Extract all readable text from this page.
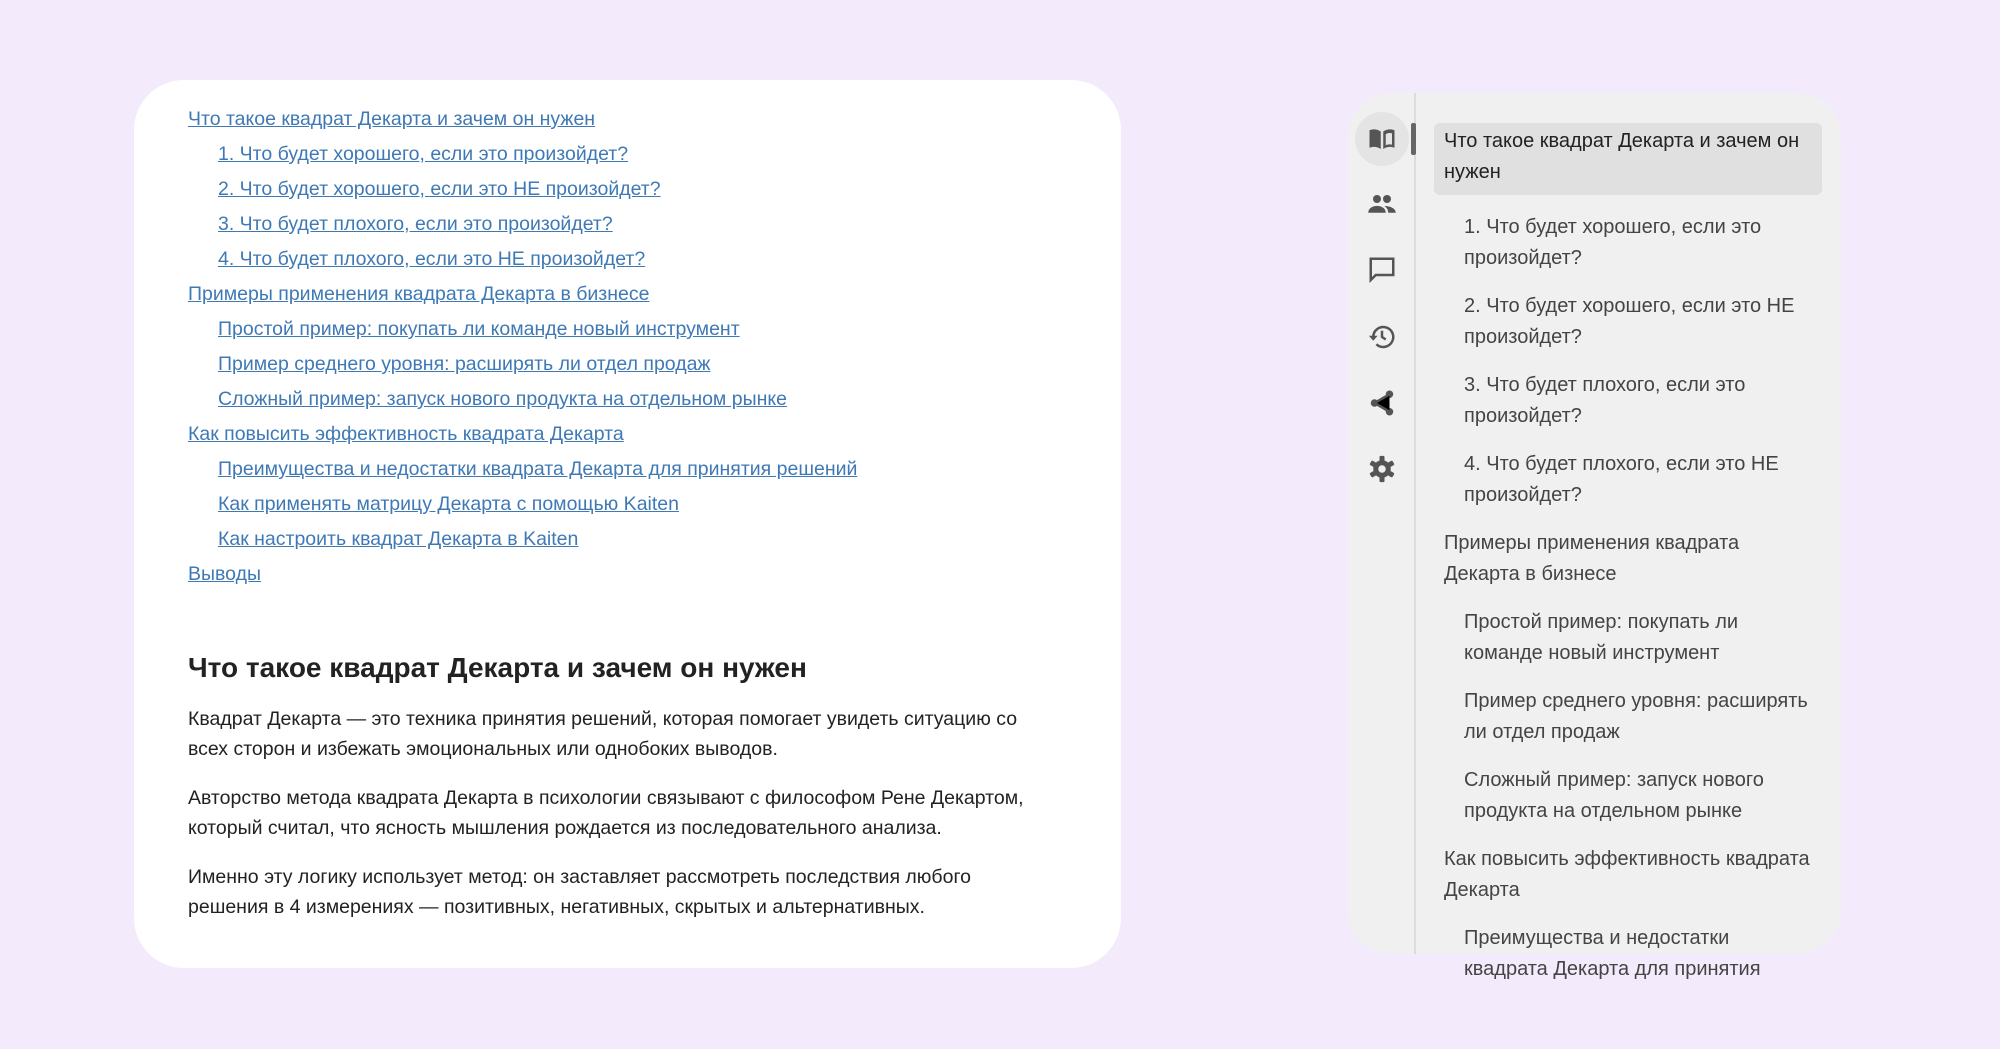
Что такое квадрат Декарта и зачем он нужен
1. Что будет хорошего, если это произойдет?
2. Что будет хорошего, если это НЕ произойдет?
3. Что будет плохого, если это произойдет?
4. Что будет плохого, если это НЕ произойдет?
Примеры применения квадрата Декарта в бизнесе
Простой пример: покупать ли команде новый инструмент
Пример среднего уровня: расширять ли отдел продаж
Сложный пример: запуск нового продукта на отдельном рынке
Как повысить эффективность квадрата Декарта
Преимущества и недостатки квадрата Декарта для принятия решений
Как применять матрицу Декарта с помощью Kaiten
Как настроить квадрат Декарта в Kaiten
Выводы
Что такое квадрат Декарта и зачем он нужен

Квадрат Декарта — это техника принятия решений, которая помогает увидеть ситуацию со всех сторон и избежать эмоциональных или однобоких выводов.

Авторство метода квадрата Декарта в психологии связывают с философом Рене Декартом, который считал, что ясность мышления рождается из последовательного анализа.

Именно эту логику использует метод: он заставляет рассмотреть последствия любого решения в 4 измерениях — позитивных, негативных, скрытых и альтернативных.

Что такое квадрат Декарта и зачем он нужен
1. Что будет хорошего, если это произойдет?
2. Что будет хорошего, если это НЕ произойдет?
3. Что будет плохого, если это произойдет?
4. Что будет плохого, если это НЕ произойдет?
Примеры применения квадрата Декарта в бизнесе
Простой пример: покупать ли команде новый инструмент
Пример среднего уровня: расширять ли отдел продаж
Сложный пример: запуск нового продукта на отдельном рынке
Как повысить эффективность квадрата Декарта
Преимущества и недостатки квадрата Декарта для принятия
